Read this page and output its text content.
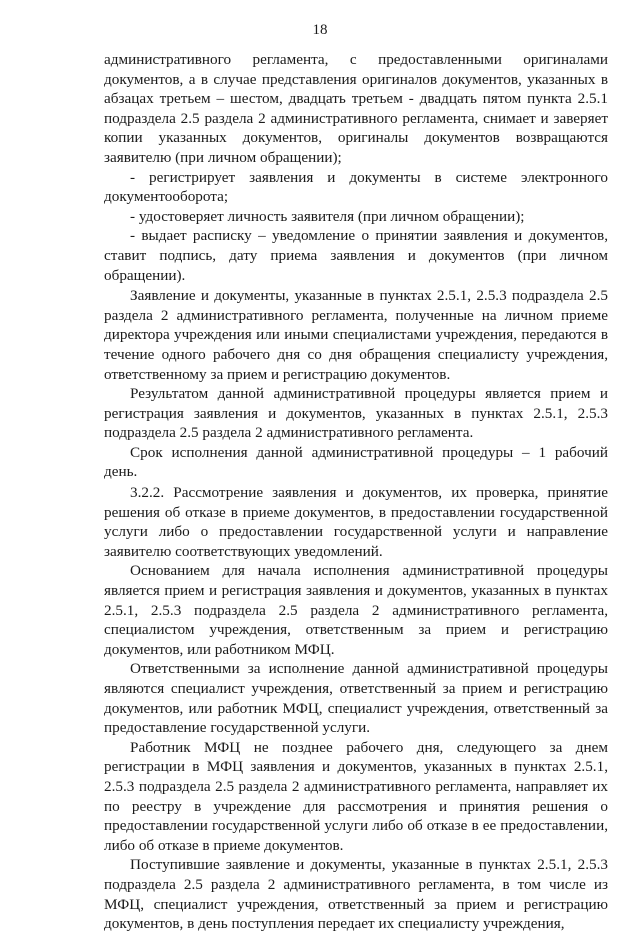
18

административного регламента, с предоставленными оригиналами документов, а в случае представления оригиналов документов, указанных в абзацах третьем – шестом, двадцать третьем - двадцать пятом пункта 2.5.1 подраздела 2.5 раздела 2 административного регламента, снимает и заверяет копии указанных документов, оригиналы документов возвращаются заявителю (при личном обращении);

- регистрирует заявления и документы в системе электронного документооборота;

- удостоверяет личность заявителя (при личном обращении);

- выдает расписку – уведомление о принятии заявления и документов, ставит подпись, дату приема заявления и документов (при личном обращении).

Заявление и документы, указанные в пунктах 2.5.1, 2.5.3 подраздела 2.5 раздела 2 административного регламента, полученные на личном приеме директора учреждения или иными специалистами учреждения, передаются в течение одного рабочего дня со дня обращения специалисту учреждения, ответственному за прием и регистрацию документов.

Результатом данной административной процедуры является прием и регистрация заявления и документов, указанных в пунктах 2.5.1, 2.5.3 подраздела 2.5 раздела 2 административного регламента.

Срок исполнения данной административной процедуры – 1 рабочий день.

3.2.2. Рассмотрение заявления и документов, их проверка, принятие решения об отказе в приеме документов, в предоставлении государственной услуги либо о предоставлении государственной услуги и направление заявителю соответствующих уведомлений.

Основанием для начала исполнения административной процедуры является прием и регистрация заявления и документов, указанных в пунктах 2.5.1, 2.5.3 подраздела 2.5 раздела 2 административного регламента, специалистом учреждения, ответственным за прием и регистрацию документов, или работником МФЦ.

Ответственными за исполнение данной административной процедуры являются специалист учреждения, ответственный за прием и регистрацию документов, или работник МФЦ, специалист учреждения, ответственный за предоставление государственной услуги.

Работник МФЦ не позднее рабочего дня, следующего за днем регистрации в МФЦ заявления и документов, указанных в пунктах 2.5.1, 2.5.3 подраздела 2.5 раздела 2 административного регламента, направляет их по реестру в учреждение для рассмотрения и принятия решения о предоставлении государственной услуги либо об отказе в ее предоставлении, либо об отказе в приеме документов.

Поступившие заявление и документы, указанные в пунктах 2.5.1, 2.5.3 подраздела 2.5 раздела 2 административного регламента, в том числе из МФЦ, специалист учреждения, ответственный за прием и регистрацию документов, в день поступления передает их специалисту учреждения,
